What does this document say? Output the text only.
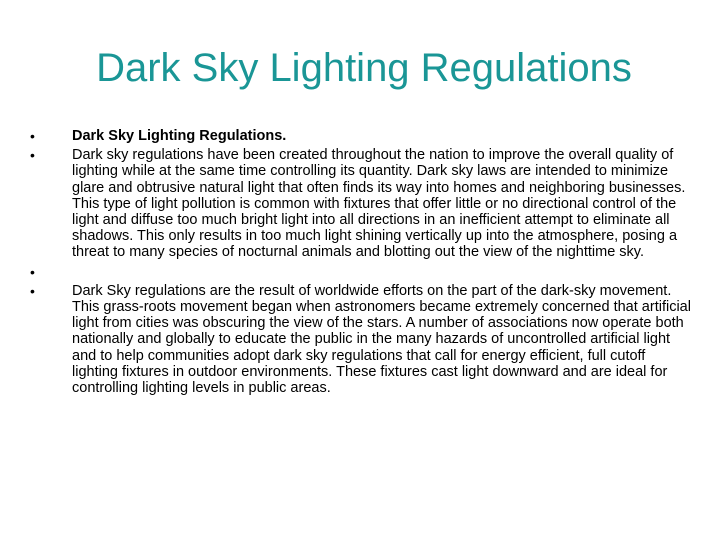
Dark Sky Lighting Regulations
•	Dark Sky Lighting Regulations.
•	Dark sky regulations have been created throughout the nation to improve the overall quality of lighting while at the same time controlling its quantity. Dark sky laws are intended to minimize glare and obtrusive natural light that often finds its way into homes and neighboring businesses. This type of light pollution is common with fixtures that offer little or no directional control of the light and diffuse too much bright light into all directions in an inefficient attempt to eliminate all shadows. This only results in too much light shining vertically up into the atmosphere, posing a threat to many species of nocturnal animals and blotting out the view of the nighttime sky.
•
•	Dark Sky regulations are the result of worldwide efforts on the part of the dark-sky movement. This grass-roots movement began when astronomers became extremely concerned that artificial light from cities was obscuring the view of the stars. A number of associations now operate both nationally and globally to educate the public in the many hazards of uncontrolled artificial light and to help communities adopt dark sky regulations that call for energy efficient, full cutoff lighting fixtures in outdoor environments. These fixtures cast light downward and are ideal for controlling lighting levels in public areas.
